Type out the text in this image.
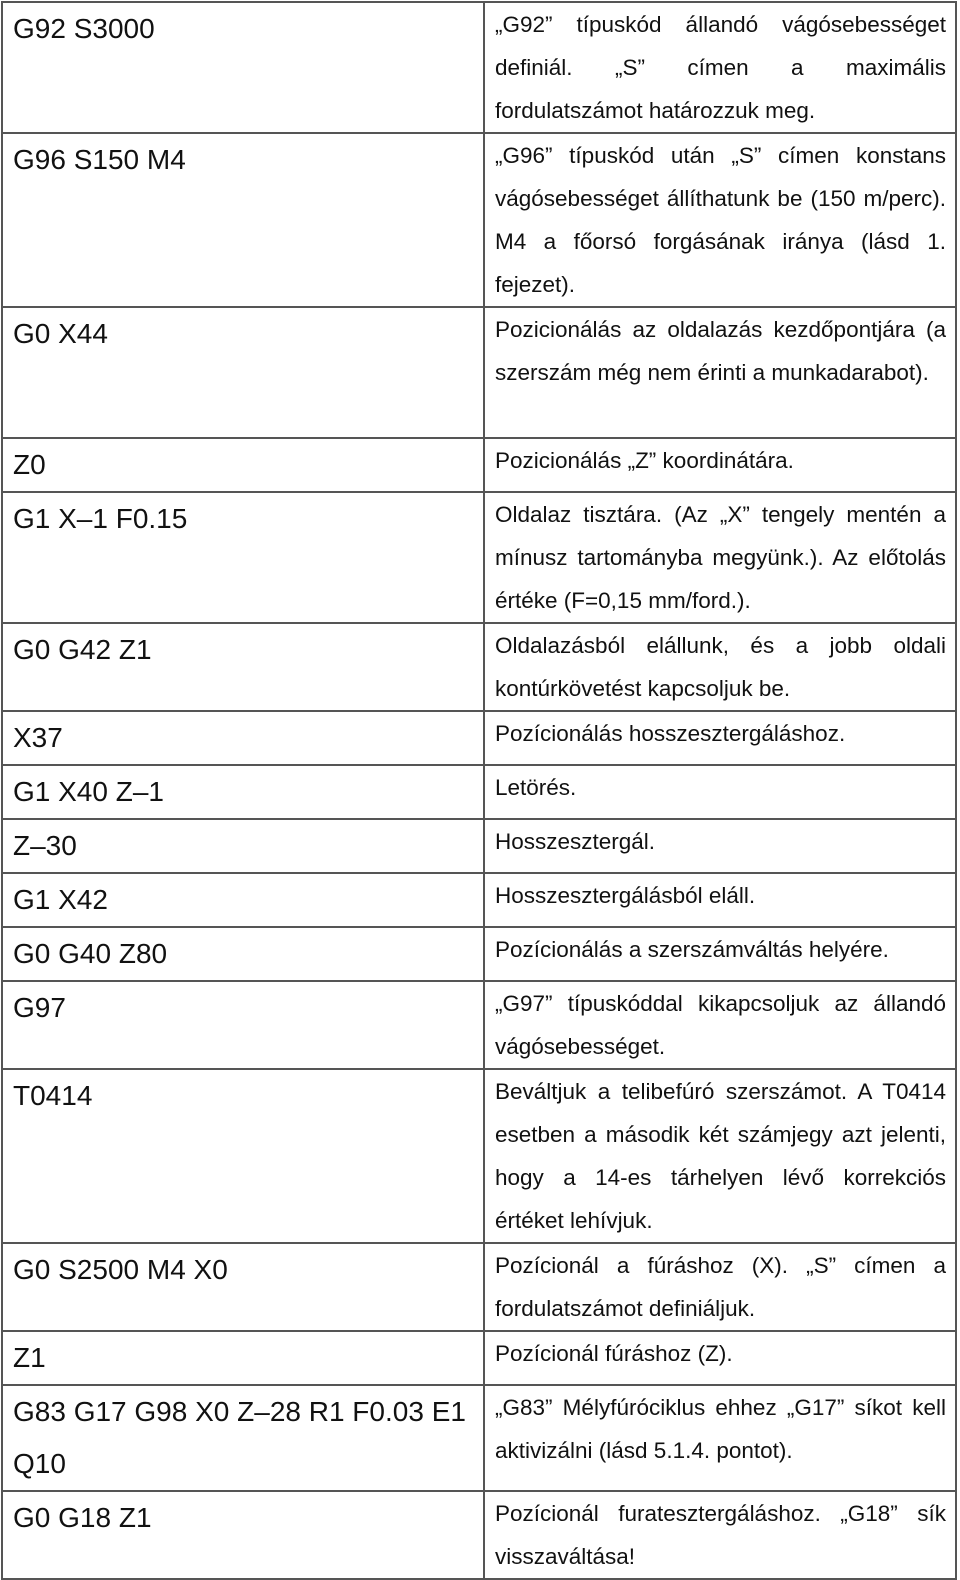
G92 S3000	„G92” típuskód állandó vágósebességet definiál. „S” címen a maximális fordulatszámot határozzuk meg.
G96 S150 M4	„G96” típuskód után „S” címen konstans vágósebességet állíthatunk be (150 m/perc). M4 a főorsó forgásának iránya (lásd 1. fejezet).
G0 X44	Pozicionálás az oldalazás kezdőpontjára (a szerszám még nem érinti a munkadarabot).
Z0	Pozicionálás „Z” koordinátára.
G1 X–1 F0.15	Oldalaz tisztára. (Az „X” tengely mentén a mínusz tartományba megyünk.). Az előtolás értéke (F=0,15 mm/ford.).
G0 G42 Z1	Oldalazásból elállunk, és a jobb oldali kontúrkövetést kapcsoljuk be.
X37	Pozícionálás hosszesztergáláshoz.
G1 X40 Z–1	Letörés.
Z–30	Hosszesztergál.
G1 X42	Hosszesztergálásból eláll.
G0 G40 Z80	Pozícionálás a szerszámváltás helyére.
G97	„G97” típuskóddal kikapcsoljuk az állandó vágósebességet.
T0414	Beváltjuk a telibefúró szerszámot. A T0414 esetben a második két számjegy azt jelenti, hogy a 14-es tárhelyen lévő korrekciós értéket lehívjuk.
G0 S2500 M4 X0	Pozícionál a fúráshoz (X). „S” címen a fordulatszámot definiáljuk.
Z1	Pozícionál fúráshoz (Z).
G83 G17 G98 X0 Z–28 R1 F0.03 E1 Q10	„G83” Mélyfúróciklus ehhez „G17” síkot kell aktivizálni (lásd 5.1.4. pontot).
G0 G18 Z1	Pozícionál furatesztergáláshoz. „G18” sík visszaváltása!
